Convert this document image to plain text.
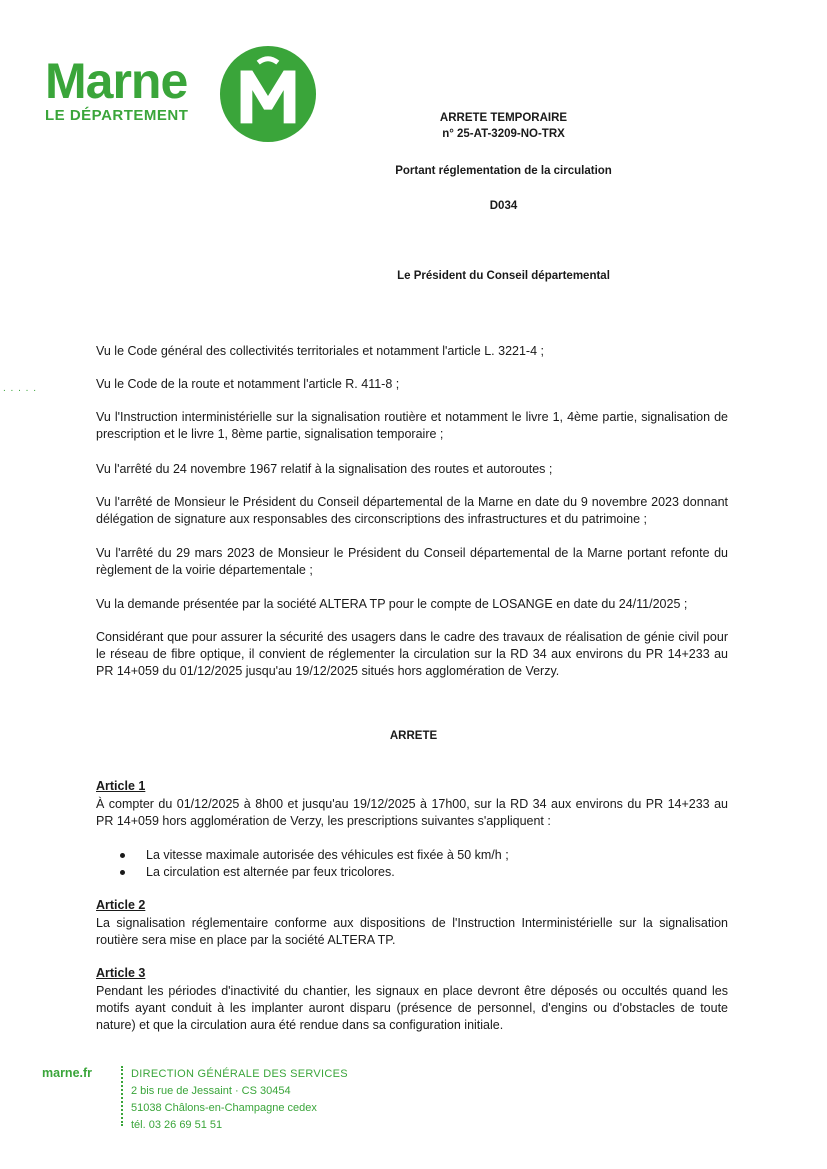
Marne
LE DÉPARTEMENT	ARRETE TEMPORAIRE
n° 25-AT-3209-NO-TRX
Portant réglementation de la circulation
D034
Le Président du Conseil départemental
. . . . .
Vu le Code général des collectivités territoriales et notamment l'article L. 3221-4 ;
Vu le Code de la route et notamment l'article R. 411-8 ;
Vu l'Instruction interministérielle sur la signalisation routière et notamment le livre 1, 4ème partie, signalisation de prescription et le livre 1, 8ème partie, signalisation temporaire ;
Vu l'arrêté du 24 novembre 1967 relatif à la signalisation des routes et autoroutes ;
Vu l'arrêté de Monsieur le Président du Conseil départemental de la Marne en date du 9 novembre 2023 donnant délégation de signature aux responsables des circonscriptions des infrastructures et du patrimoine ;
Vu l'arrêté du 29 mars 2023 de Monsieur le Président du Conseil départemental de la Marne portant refonte du règlement de la voirie départementale ;
Vu la demande présentée par la société ALTERA TP pour le compte de LOSANGE en date du 24/11/2025 ;
Considérant que pour assurer la sécurité des usagers dans le cadre des travaux de réalisation de génie civil pour le réseau de fibre optique, il convient de réglementer la circulation sur la RD 34 aux environs du PR 14+233 au PR 14+059 du 01/12/2025 jusqu'au 19/12/2025 situés hors agglomération de Verzy.
ARRETE
Article 1
À compter du 01/12/2025 à 8h00 et jusqu'au 19/12/2025 à 17h00, sur la RD 34 aux environs du PR 14+233 au PR 14+059 hors agglomération de Verzy, les prescriptions suivantes s'appliquent :
La vitesse maximale autorisée des véhicules est fixée à 50 km/h ;
La circulation est alternée par feux tricolores.
Article 2
La signalisation réglementaire conforme aux dispositions de l'Instruction Interministérielle sur la signalisation routière sera mise en place par la société ALTERA TP.
Article 3
Pendant les périodes d'inactivité du chantier, les signaux en place devront être déposés ou occultés quand les motifs ayant conduit à les implanter auront disparu (présence de personnel, d'engins ou d'obstacles de toute nature) et que la circulation aura été rendue dans sa configuration initiale.
marne.fr	DIRECTION GÉNÉRALE DES SERVICES
2 bis rue de Jessaint · CS 30454
51038 Châlons-en-Champagne cedex
tél. 03 26 69 51 51
